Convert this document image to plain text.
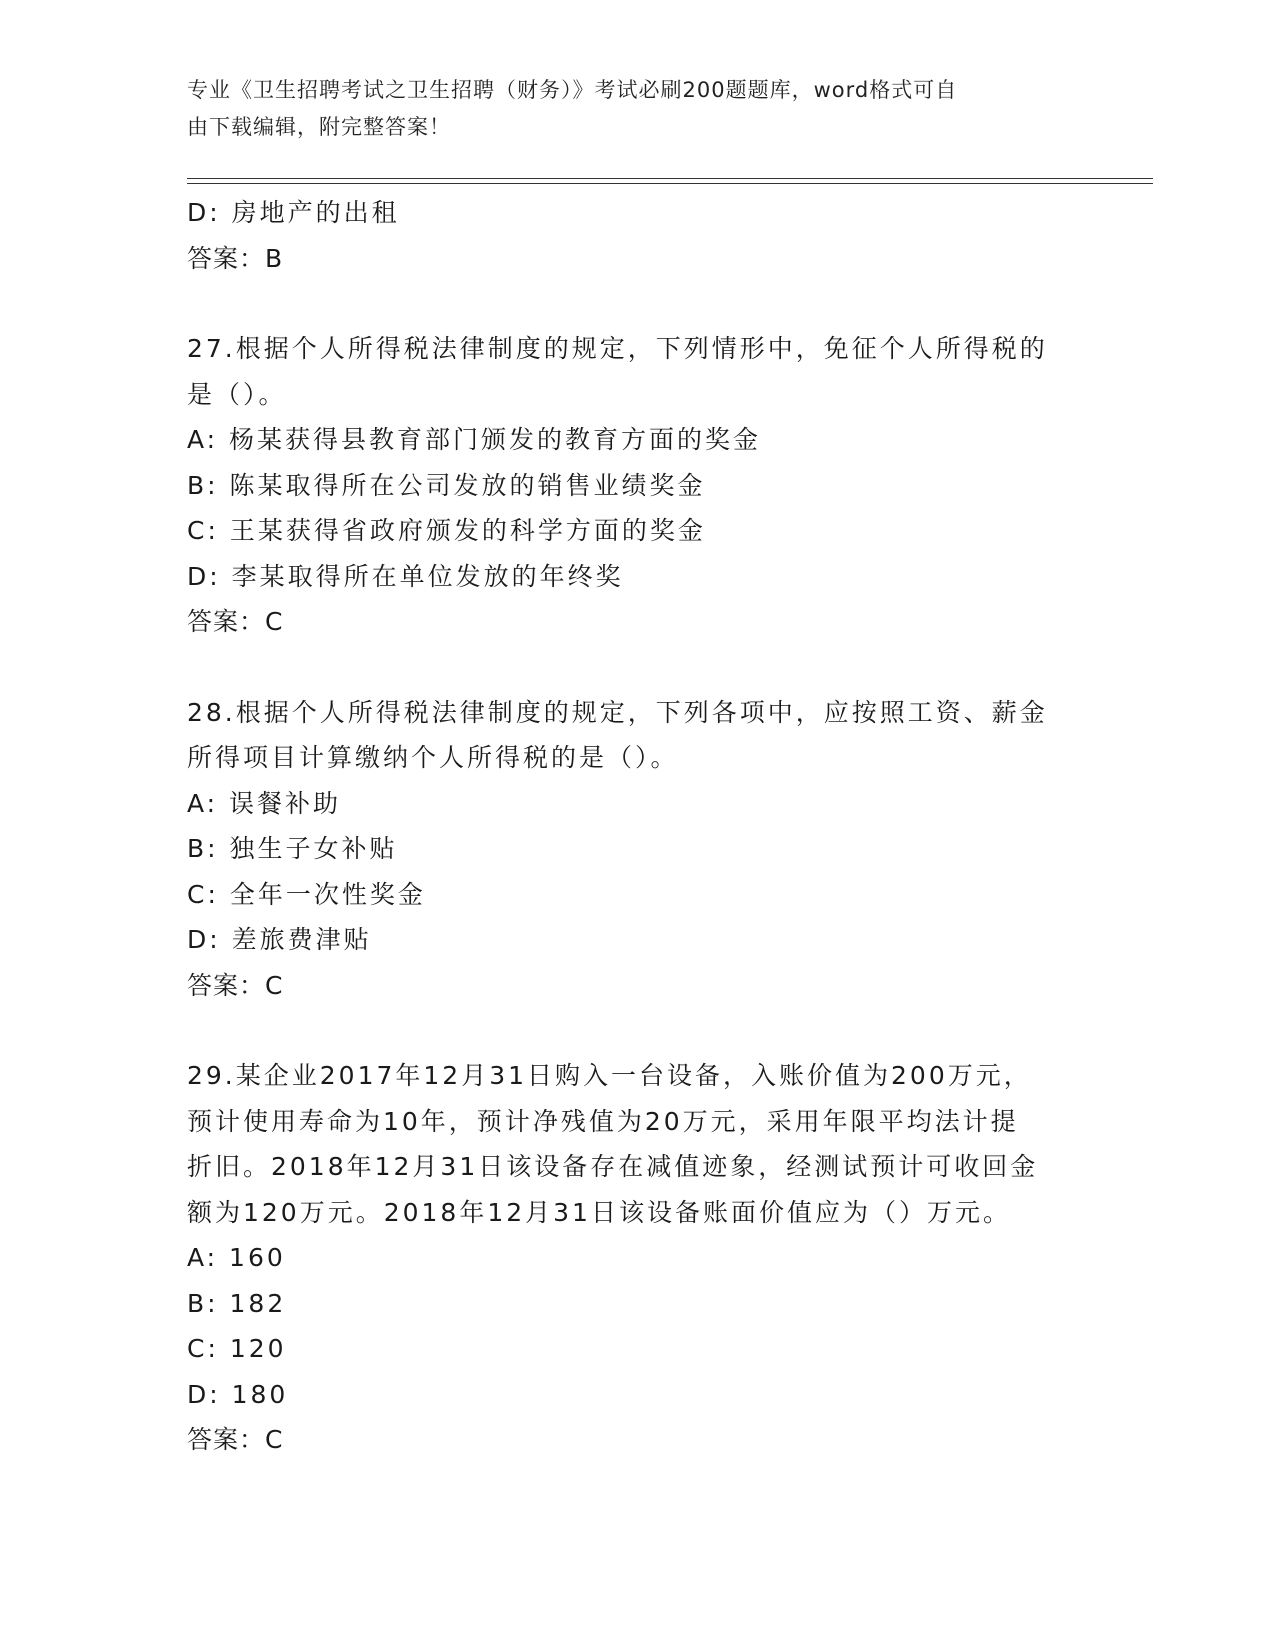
专业《卫生招聘考试之卫生招聘（财务）》考试必刷200题题库，word格式可自
由下载编辑，附完整答案！
D: 房地产的出租
答案：B
27.根据个人所得税法律制度的规定，下列情形中，免征个人所得税的
是（）。
A: 杨某获得县教育部门颁发的教育方面的奖金
B: 陈某取得所在公司发放的销售业绩奖金
C: 王某获得省政府颁发的科学方面的奖金
D: 李某取得所在单位发放的年终奖
答案：C
28.根据个人所得税法律制度的规定，下列各项中，应按照工资、薪金
所得项目计算缴纳个人所得税的是（）。
A: 误餐补助
B: 独生子女补贴
C: 全年一次性奖金
D: 差旅费津贴
答案：C
29.某企业2017年12月31日购入一台设备，入账价值为200万元，
预计使用寿命为10年，预计净残值为20万元，采用年限平均法计提
折旧。2018年12月31日该设备存在减值迹象，经测试预计可收回金
额为120万元。2018年12月31日该设备账面价值应为（）万元。
A: 160
B: 182
C: 120
D: 180
答案：C
